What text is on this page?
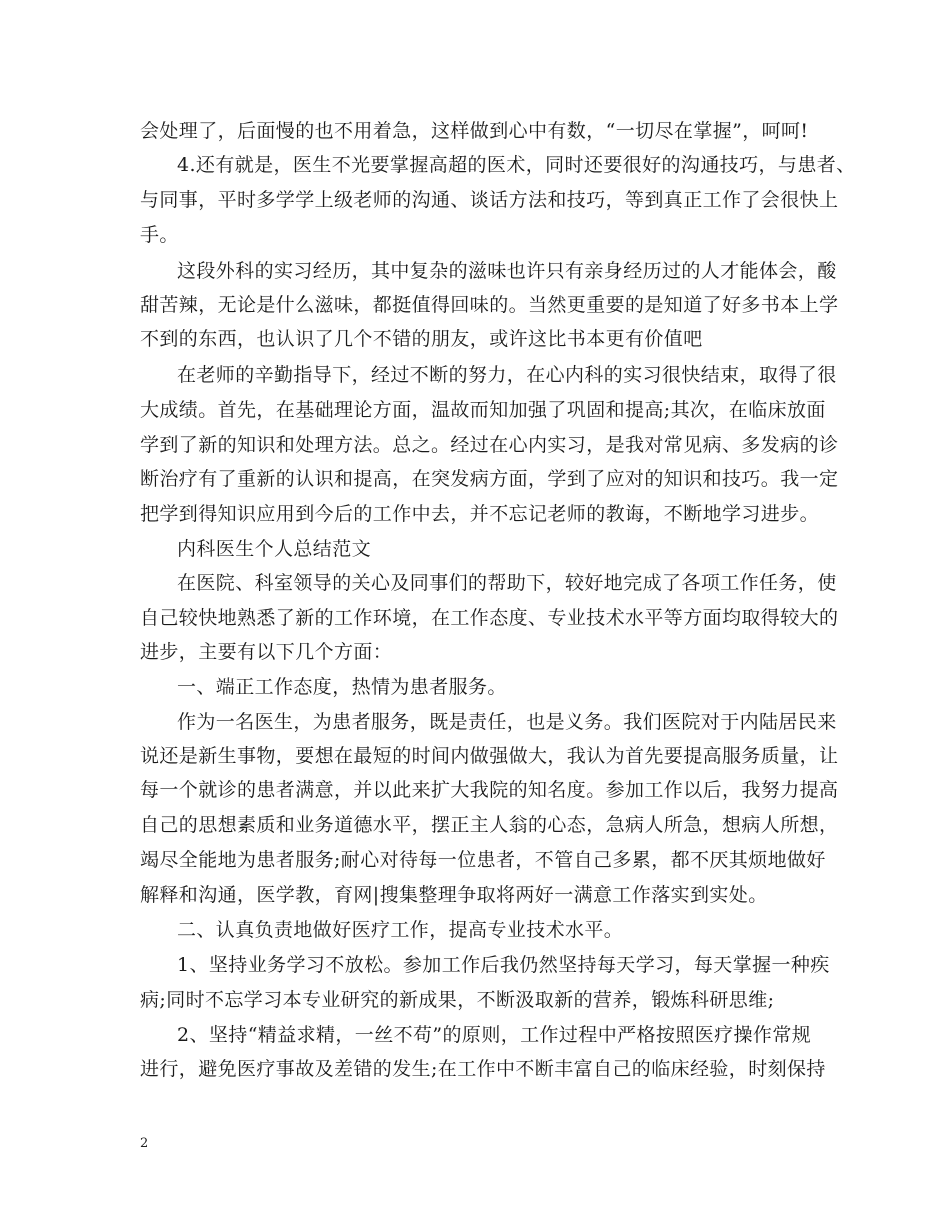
会处理了，后面慢的也不用着急，这样做到心中有数，“一切尽在掌握”，呵呵!
4.还有就是，医生不光要掌握高超的医术，同时还要很好的沟通技巧，与患者、
与同事，平时多学学上级老师的沟通、谈话方法和技巧，等到真正工作了会很快上
手。
这段外科的实习经历，其中复杂的滋味也许只有亲身经历过的人才能体会，酸
甜苦辣，无论是什么滋味，都挺值得回味的。当然更重要的是知道了好多书本上学
不到的东西，也认识了几个不错的朋友，或许这比书本更有价值吧
在老师的辛勤指导下，经过不断的努力，在心内科的实习很快结束，取得了很
大成绩。首先，在基础理论方面，温故而知加强了巩固和提高;其次，在临床放面
学到了新的知识和处理方法。总之。经过在心内实习，是我对常见病、多发病的诊
断治疗有了重新的认识和提高，在突发病方面，学到了应对的知识和技巧。我一定
把学到得知识应用到今后的工作中去，并不忘记老师的教诲，不断地学习进步。
内科医生个人总结范文
在医院、科室领导的关心及同事们的帮助下，较好地完成了各项工作任务，使
自己较快地熟悉了新的工作环境，在工作态度、专业技术水平等方面均取得较大的
进步，主要有以下几个方面：
一、端正工作态度，热情为患者服务。
作为一名医生，为患者服务，既是责任，也是义务。我们医院对于内陆居民来
说还是新生事物，要想在最短的时间内做强做大，我认为首先要提高服务质量，让
每一个就诊的患者满意，并以此来扩大我院的知名度。参加工作以后，我努力提高
自己的思想素质和业务道德水平，摆正主人翁的心态，急病人所急，想病人所想，
竭尽全能地为患者服务;耐心对待每一位患者，不管自己多累，都不厌其烦地做好
解释和沟通，医学教，育网|搜集整理争取将两好一满意工作落实到实处。
二、认真负责地做好医疗工作，提高专业技术水平。
1、坚持业务学习不放松。参加工作后我仍然坚持每天学习，每天掌握一种疾
病;同时不忘学习本专业研究的新成果，不断汲取新的营养，锻炼科研思维;
2、坚持“精益求精，一丝不苟”的原则，工作过程中严格按照医疗操作常规
进行，避免医疗事故及差错的发生;在工作中不断丰富自己的临床经验，时刻保持
2
